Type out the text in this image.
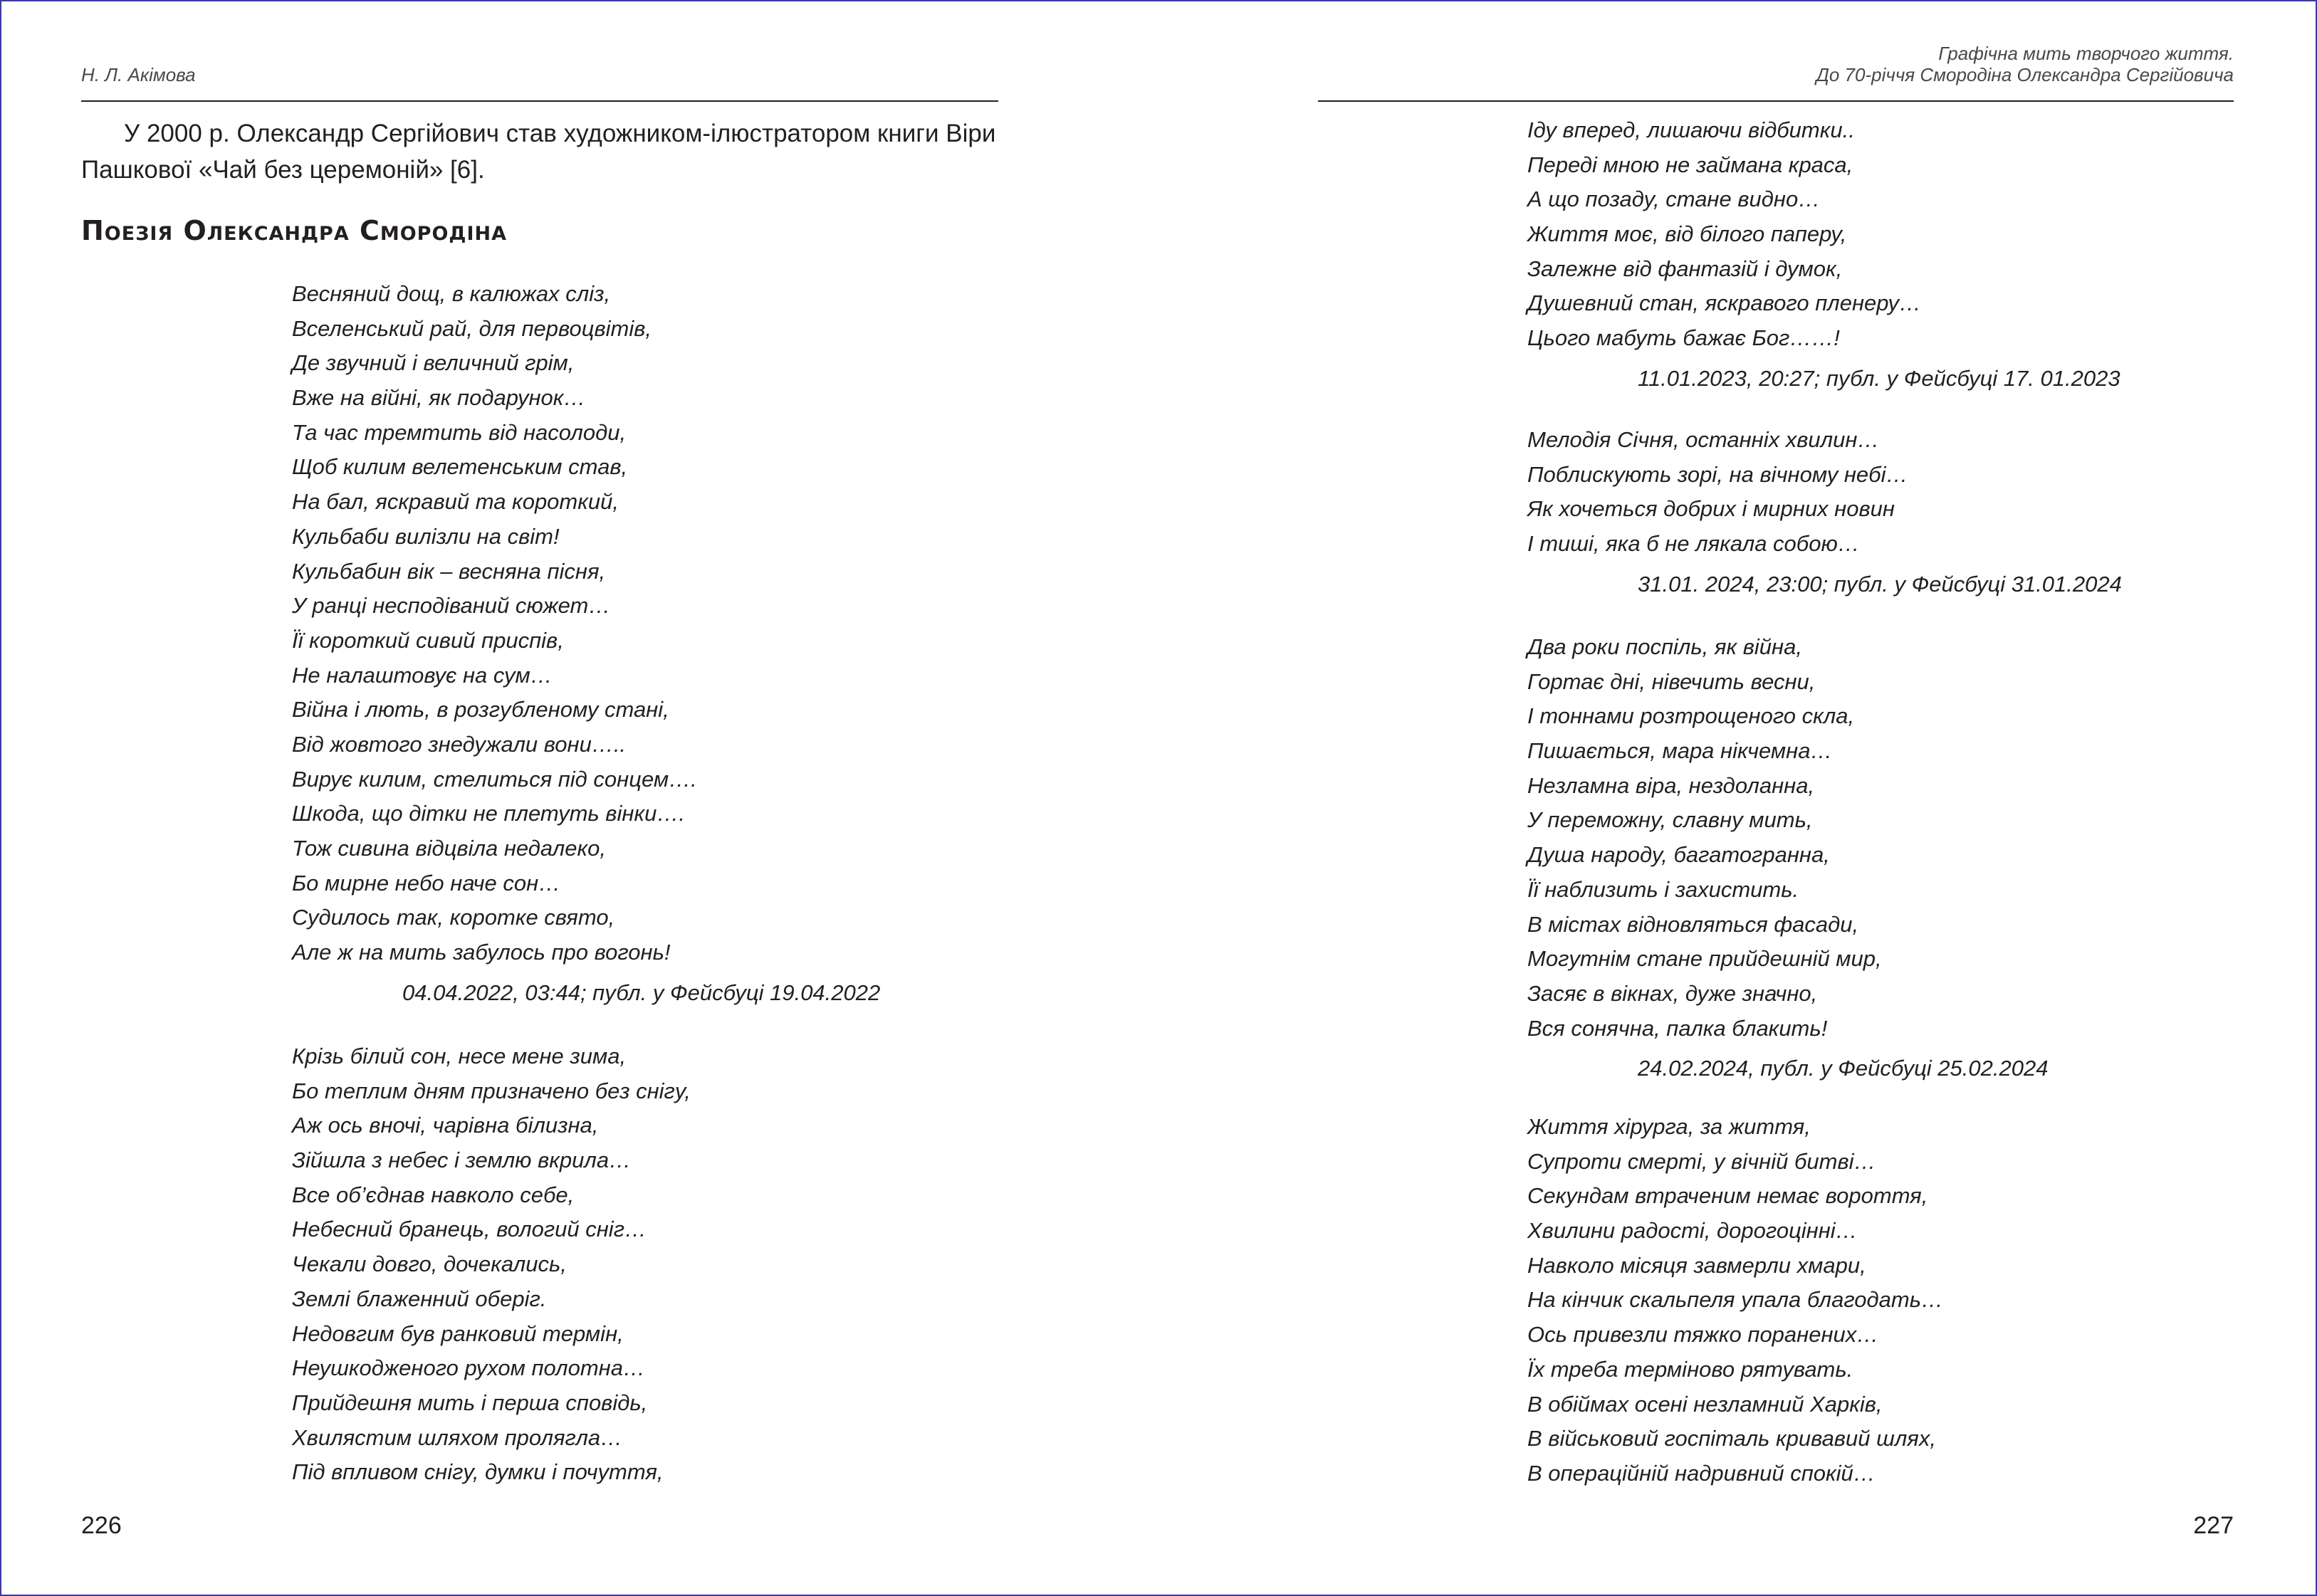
Н. Л. Акімова

У 2000 р. Олександр Сергійович став художником-ілюстратором книги Віри Пашкової «Чай без церемоній» [6].

Поезія Олександра Смородіна
Весняний дощ, в калюжах сліз,
Вселенський рай, для первоцвітів,
Де звучний і величний грім,
Вже на війні, як подарунок…
Та час тремтить від насолоди,
Щоб килим велетенським став,
На бал, яскравий та короткий,
Кульбаби вилізли на світ!
Кульбабин вік – весняна пісня,
У ранці несподіваний сюжет…
Її короткий сивий приспів,
Не налаштовує на сум…
Війна і лють, в розгубленому стані,
Від жовтого знедужали вони…..
Вирує килим, стелиться під сонцем….
Шкода, що дітки не плетуть вінки….
Тож сивина відцвіла недалеко,
Бо мирне небо наче сон…
Судилось так, коротке свято,
Але ж на мить забулось про вогонь!
04.04.2022, 03:44; публ. у Фейсбуці 19.04.2022
Крізь білий сон, несе мене зима,
Бо теплим дням призначено без снігу,
Аж ось вночі, чарівна білизна,
Зійшла з небес і землю вкрила…
Все об’єднав навколо себе,
Небесний бранець, вологий сніг…
Чекали довго, дочекались,
Землі блаженний оберіг.
Недовгим був ранковий термін,
Неушкодженого рухом полотна…
Прийдешня мить і перша сповідь,
Хвилястим шляхом пролягла…
Під впливом снігу, думки і почуття,
226
Графічна мить творчого життя.
До 70-річчя Смородіна Олександра Сергійовича
Іду вперед, лишаючи відбитки..
Переді мною не займана краса,
А що позаду, стане видно…
Життя моє, від білого паперу,
Залежне від фантазій і думок,
Душевний стан, яскравого пленеру…
Цього мабуть бажає Бог……!
11.01.2023, 20:27; публ. у Фейсбуці 17. 01.2023
Мелодія Січня, останніх хвилин…
Поблискують зорі, на вічному небі…
Як хочеться добрих і мирних новин
І тиші, яка б не лякала собою…
31.01. 2024, 23:00; публ. у Фейсбуці 31.01.2024
Два роки поспіль, як війна,
Гортає дні, нівечить весни,
І тоннами розтрощеного скла,
Пишається, мара нікчемна…
Незламна віра, нездоланна,
У переможну, славну мить,
Душа народу, багатогранна,
Її наблизить і захистить.
В містах відновляться фасади,
Могутнім стане прийдешній мир,
Засяє в вікнах, дуже значно,
Вся сонячна, палка блакить!
24.02.2024, публ. у Фейсбуці 25.02.2024
Життя хірурга, за життя,
Супроти смерті, у вічній битві…
Секундам втраченим немає вороття,
Хвилини радості, дорогоцінні…
Навколо місяця завмерли хмари,
На кінчик скальпеля упала благодать…
Ось привезли тяжко поранених…
Їх треба терміново рятувать.
В обіймах осені незламний Харків,
В військовий госпіталь кривавий шлях,
В операційній надривний спокій…
227
